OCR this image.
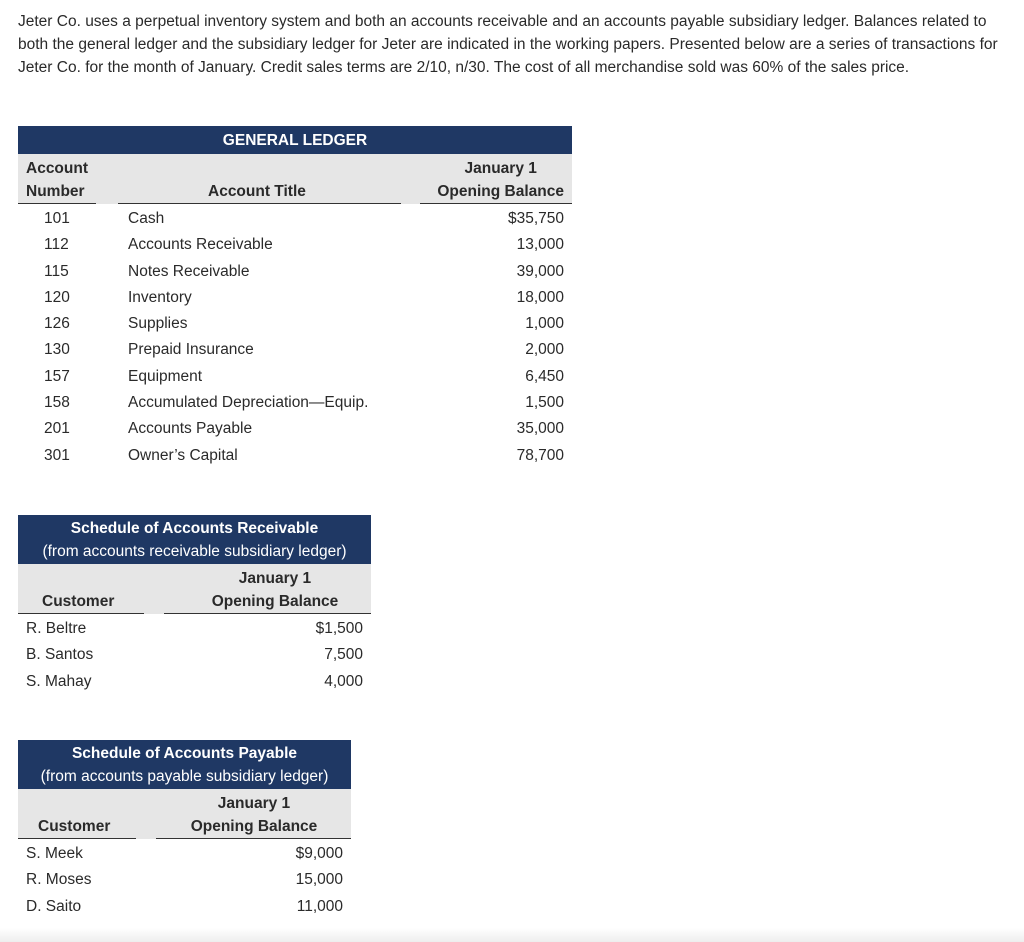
Jeter Co. uses a perpetual inventory system and both an accounts receivable and an accounts payable subsidiary ledger. Balances related to both the general ledger and the subsidiary ledger for Jeter are indicated in the working papers. Presented below are a series of transactions for Jeter Co. for the month of January. Credit sales terms are 2/10, n/30. The cost of all merchandise sold was 60% of the sales price.

GENERAL LEDGER
Account
Number	Account Title
January 1
Opening Balance
101	Cash	$35,750
112	Accounts Receivable	13,000
115	Notes Receivable	39,000
120	Inventory	18,000
126	Supplies	1,000
130	Prepaid Insurance	2,000
157	Equipment	6,450
158	Accumulated Depreciation—Equip.	1,500
201	Accounts Payable	35,000
301	Owner’s Capital	78,700
Schedule of Accounts Receivable
(from accounts receivable subsidiary ledger)
Customer
January 1
Opening Balance
R. Beltre	$1,500
B. Santos	7,500
S. Mahay	4,000
Schedule of Accounts Payable
(from accounts payable subsidiary ledger)
Customer
January 1
Opening Balance
S. Meek	$9,000
R. Moses	15,000
D. Saito	11,000
